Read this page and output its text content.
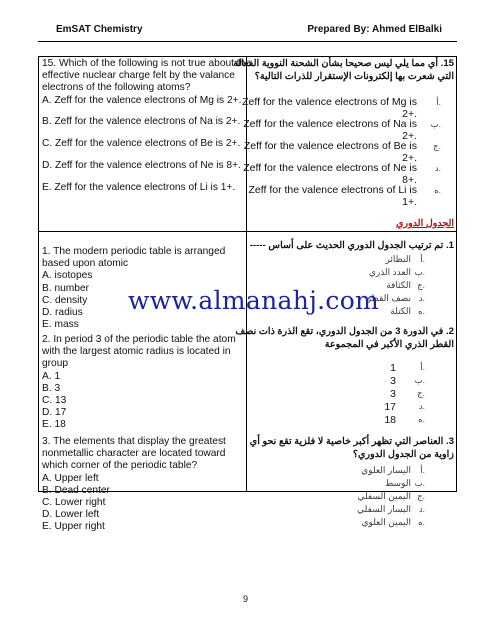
EmSAT Chemistry	Prepared By: Ahmed ElBalki
15. Which of the following is not true about the
effective nuclear charge felt by the valance
electrons of the following atoms?
A. Zeff for the valence electrons of Mg is 2+.
B. Zeff for the valence electrons of Na is 2+.
C. Zeff for the valence electrons of Be is 2+.
D. Zeff for the valence electrons of Ne is 8+.
E. Zeff for the valence electrons of Li is 1+.
15. أي مما يلي ليس صحيحا بشأن الشحنة النووية الفعالة
التي شعرت بها إلكترونات الإستقرار للذرات التالية؟
Zeff for the valence electrons of Mg is
2+.
أ.
Zeff for the valence electrons of Na is
2+.
ب.
Zeff for the valence electrons of Be is
2+.
ج.
Zeff for the valence electrons of Ne is
8+.
د.
Zeff for the valence electrons of Li is
1+.
ه.
الجدول الدوري
1. The modern periodic table is arranged
based upon atomic
A. isotopes
B. number
C. density
D. radius
E. mass
1. تم ترتيب الجدول الدوري الحديث على أساس -----
النظائر أ.
العدد الذري ب.
الكثافة ج.
نصف القطر د.
الكتلة ه.
www.almanahj.com
2. In period 3 of the periodic table the atom
with the largest atomic radius is located in
group
A. 1
B. 3
C. 13
D. 17
E. 18
2. في الدورة 3 من الجدول الدوري، تقع الذرة ذات نصف
القطر الذري الأكبر في المجموعة
1	أ.
3 ب.
3 ج.
17	د.
18	ه.
3. The elements that display the greatest
nonmetallic character are located toward
which corner of the periodic table?
A. Upper left
B. Dead center
C. Lower right
D. Lower left
E. Upper right
3. العناصر التي تظهر أكبر خاصية لا فلزية تقع نحو أي
زاوية من الجدول الدوري؟
اليسار العلوي أ.
الوسط ب.
اليمين السفلي ج.
اليسار السفلي د.
اليمين العلوي ه.
9
